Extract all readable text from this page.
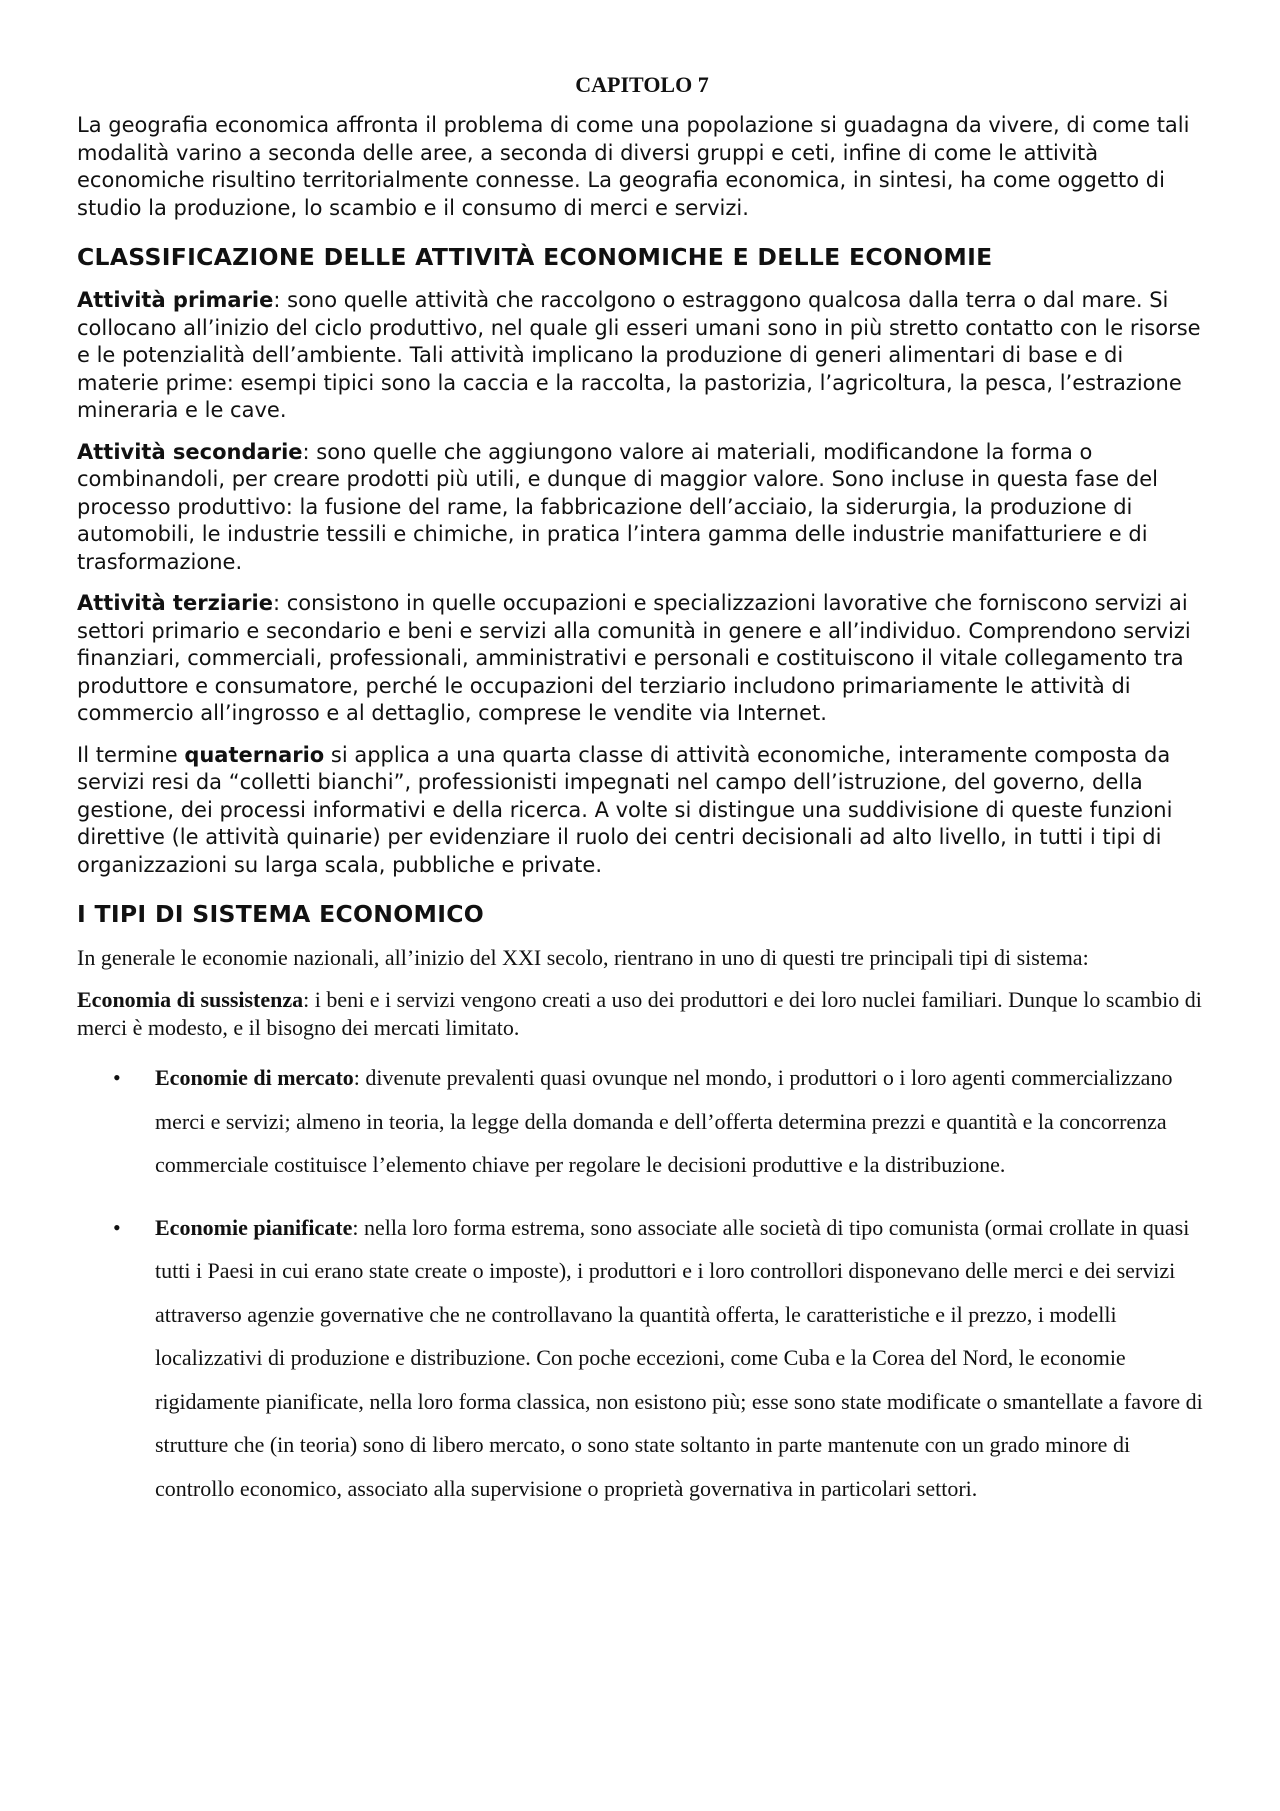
CAPITOLO 7

La geografia economica affronta il problema di come una popolazione si guadagna da vivere, di come tali modalità varino a seconda delle aree, a seconda di diversi gruppi e ceti, infine di come le attività economiche risultino territorialmente connesse. La geografia economica, in sintesi, ha come oggetto di studio la produzione, lo scambio e il consumo di merci e servizi.

CLASSIFICAZIONE DELLE ATTIVITÀ ECONOMICHE E DELLE ECONOMIE

Attività primarie: sono quelle attività che raccolgono o estraggono qualcosa dalla terra o dal mare. Si collocano all’inizio del ciclo produttivo, nel quale gli esseri umani sono in più stretto contatto con le risorse e le potenzialità dell’ambiente. Tali attività implicano la produzione di generi alimentari di base e di materie prime: esempi tipici sono la caccia e la raccolta, la pastorizia, l’agricoltura, la pesca, l’estrazione mineraria e le cave.

Attività secondarie: sono quelle che aggiungono valore ai materiali, modificandone la forma o combinandoli, per creare prodotti più utili, e dunque di maggior valore. Sono incluse in questa fase del processo produttivo: la fusione del rame, la fabbricazione dell’acciaio, la siderurgia, la produzione di automobili, le industrie tessili e chimiche, in pratica l’intera gamma delle industrie manifatturiere e di trasformazione.

Attività terziarie: consistono in quelle occupazioni e specializzazioni lavorative che forniscono servizi ai settori primario e secondario e beni e servizi alla comunità in genere e all’individuo. Comprendono servizi finanziari, commerciali, professionali, amministrativi e personali e costituiscono il vitale collegamento tra produttore e consumatore, perché le occupazioni del terziario includono primariamente le attività di commercio all’ingrosso e al dettaglio, comprese le vendite via Internet.

Il termine quaternario si applica a una quarta classe di attività economiche, interamente composta da servizi resi da “colletti bianchi”, professionisti impegnati nel campo dell’istruzione, del governo, della gestione, dei processi informativi e della ricerca. A volte si distingue una suddivisione di queste funzioni direttive (le attività quinarie) per evidenziare il ruolo dei centri decisionali ad alto livello, in tutti i tipi di organizzazioni su larga scala, pubbliche e private.

I TIPI DI SISTEMA ECONOMICO

In generale le economie nazionali, all’inizio del XXI secolo, rientrano in uno di questi tre principali tipi di sistema:

Economia di sussistenza: i beni e i servizi vengono creati a uso dei produttori e dei loro nuclei familiari. Dunque lo scambio di merci è modesto, e il bisogno dei mercati limitato.

• Economie di mercato: divenute prevalenti quasi ovunque nel mondo, i produttori o i loro agenti commercializzano merci e servizi; almeno in teoria, la legge della domanda e dell’offerta determina prezzi e quantità e la concorrenza commerciale costituisce l’elemento chiave per regolare le decisioni produttive e la distribuzione.
• Economie pianificate: nella loro forma estrema, sono associate alle società di tipo comunista (ormai crollate in quasi tutti i Paesi in cui erano state create o imposte), i produttori e i loro controllori disponevano delle merci e dei servizi attraverso agenzie governative che ne controllavano la quantità offerta, le caratteristiche e il prezzo, i modelli localizzativi di produzione e distribuzione. Con poche eccezioni, come Cuba e la Corea del Nord, le economie rigidamente pianificate, nella loro forma classica, non esistono più; esse sono state modificate o smantellate a favore di strutture che (in teoria) sono di libero mercato, o sono state soltanto in parte mantenute con un grado minore di controllo economico, associato alla supervisione o proprietà governativa in particolari settori.
